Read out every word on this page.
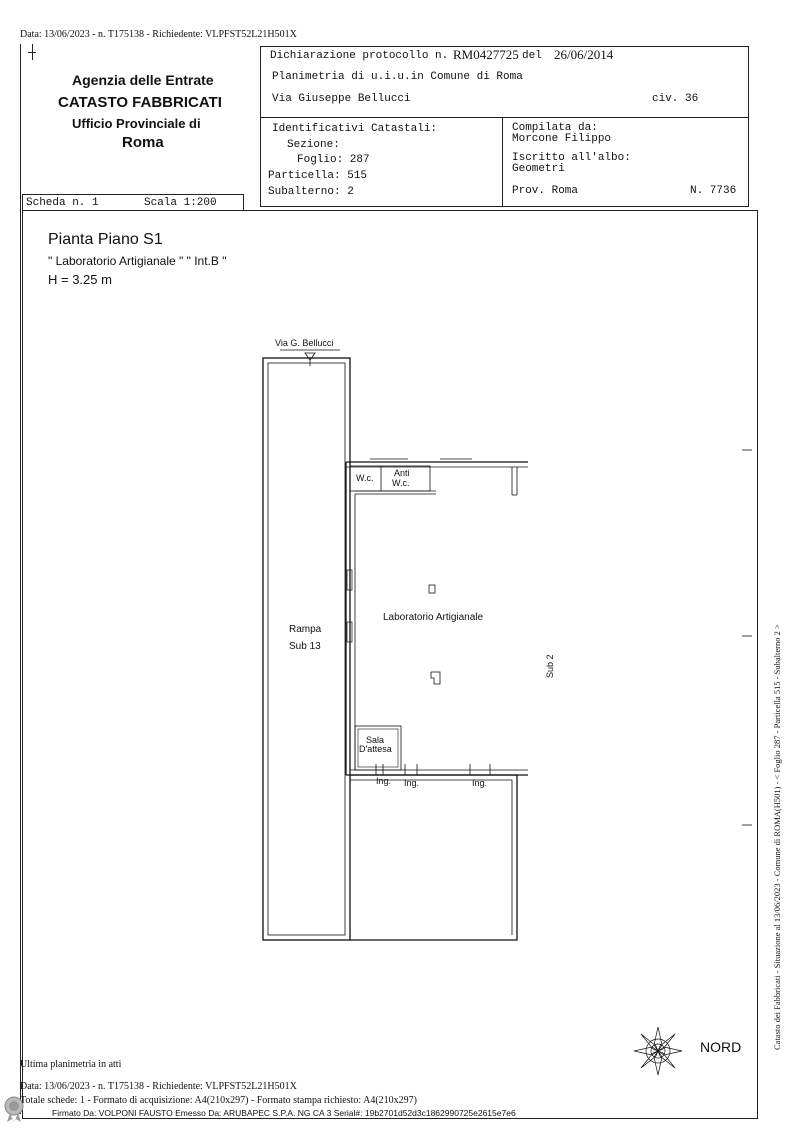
Data: 13/06/2023 - n. T175138 - Richiedente: VLPFST52L21H501X
Agenzia delle Entrate
CATASTO FABBRICATI
Ufficio Provinciale di
Roma
Dichiarazione protocollo n. RM0427725 del 26/06/2014
Planimetria di u.i.u.in Comune di Roma
Via Giuseppe Bellucci	civ. 36
Identificativi Catastali:
Sezione:
Foglio: 287
Particella: 515
Subalterno: 2
Compilata da:
Morcone Filippo
Iscritto all'albo:
Geometri
Prov. Roma	N. 7736
Scheda n. 1	Scala 1:200
Pianta Piano S1
" Laboratorio Artigianale " " Int.B "
H = 3.25 m
Via G. Bellucci
W.c. Anti
W.c.
Laboratorio Artigianale
Rampa
Sub 13
Sub 2
Sala
D'attesa
Ing. Ing.	Ing.
NORD	Catasto dei Fabbricati - Situazione al 13/06/2023 - Comune di ROMA(H501) - < Foglio 287 - Particella 515 - Subalterno 2 >
Ultima planimetria in atti
Data: 13/06/2023 - n. T175138 - Richiedente: VLPFST52L21H501X
Totale schede: 1 - Formato di acquisizione: A4(210x297) - Formato stampa richiesto: A4(210x297)
Firmato Da: VOLPONI FAUSTO Emesso Da: ARUBAPEC S.P.A. NG CA 3 Serial#: 19b2701d52d3c1862990725e2615e7e6
